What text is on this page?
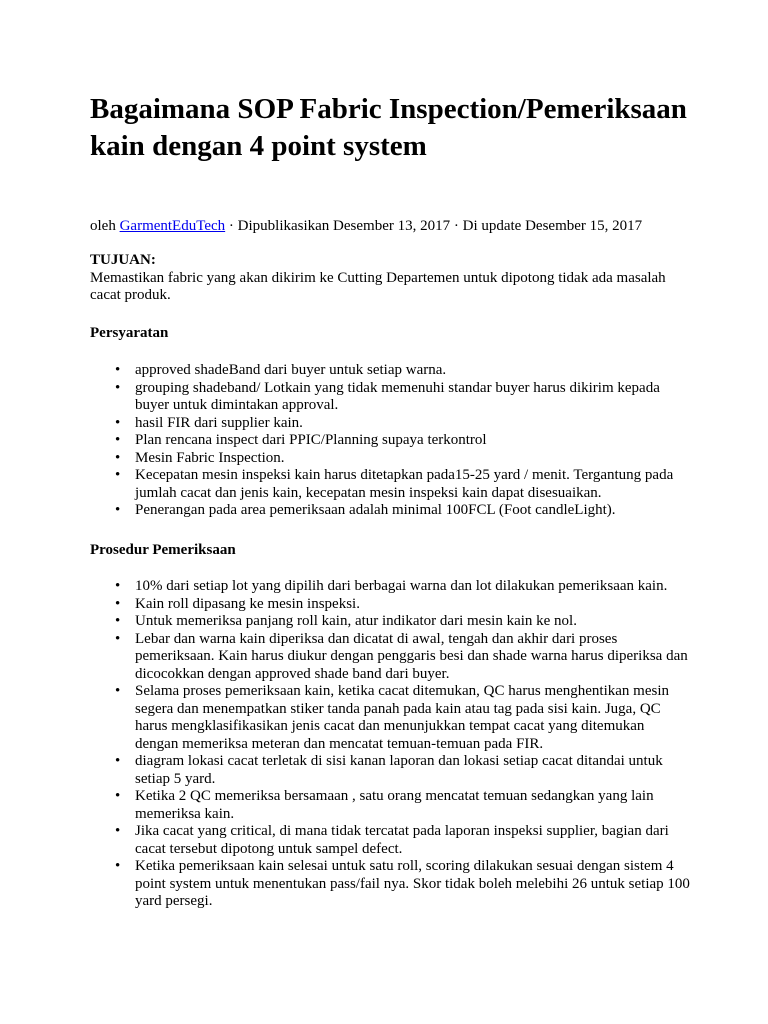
Bagaimana SOP Fabric Inspection/Pemeriksaan kain dengan 4 point system
oleh GarmentEduTech · Dipublikasikan Desember 13, 2017 · Di update Desember 15, 2017
TUJUAN:
Memastikan fabric yang akan dikirim ke Cutting Departemen untuk dipotong tidak ada masalah cacat produk.
Persyaratan
• approved shadeBand dari buyer untuk setiap warna.
• grouping shadeband/ Lotkain yang tidak memenuhi standar buyer harus dikirim kepada buyer untuk dimintakan approval.
• hasil FIR dari supplier kain.
• Plan rencana inspect dari PPIC/Planning supaya terkontrol
• Mesin Fabric Inspection.
• Kecepatan mesin inspeksi kain harus ditetapkan pada15-25 yard / menit. Tergantung pada jumlah cacat dan jenis kain, kecepatan mesin inspeksi kain dapat disesuaikan.
• Penerangan pada area pemeriksaan adalah minimal 100FCL (Foot candleLight).
Prosedur Pemeriksaan
• 10% dari setiap lot yang dipilih dari berbagai warna dan lot dilakukan pemeriksaan kain.
• Kain roll dipasang ke mesin inspeksi.
• Untuk memeriksa panjang roll kain, atur indikator dari mesin kain ke nol.
• Lebar dan warna kain diperiksa dan dicatat di awal, tengah dan akhir dari proses pemeriksaan. Kain harus diukur dengan penggaris besi dan shade warna harus diperiksa dan dicocokkan dengan approved shade band dari buyer.
• Selama proses pemeriksaan kain, ketika cacat ditemukan, QC harus menghentikan mesin segera dan menempatkan stiker tanda panah pada kain atau tag pada sisi kain. Juga, QC harus mengklasifikasikan jenis cacat dan menunjukkan tempat cacat yang ditemukan dengan memeriksa meteran dan mencatat temuan-temuan pada FIR.
• diagram lokasi cacat terletak di sisi kanan laporan dan lokasi setiap cacat ditandai untuk setiap 5 yard.
• Ketika 2 QC memeriksa bersamaan , satu orang mencatat temuan sedangkan yang lain memeriksa kain.
• Jika cacat yang critical, di mana tidak tercatat pada laporan inspeksi supplier, bagian dari cacat tersebut dipotong untuk sampel defect.
• Ketika pemeriksaan kain selesai untuk satu roll, scoring dilakukan sesuai dengan sistem 4 point system untuk menentukan pass/fail nya. Skor tidak boleh melebihi 26 untuk setiap 100 yard persegi.
